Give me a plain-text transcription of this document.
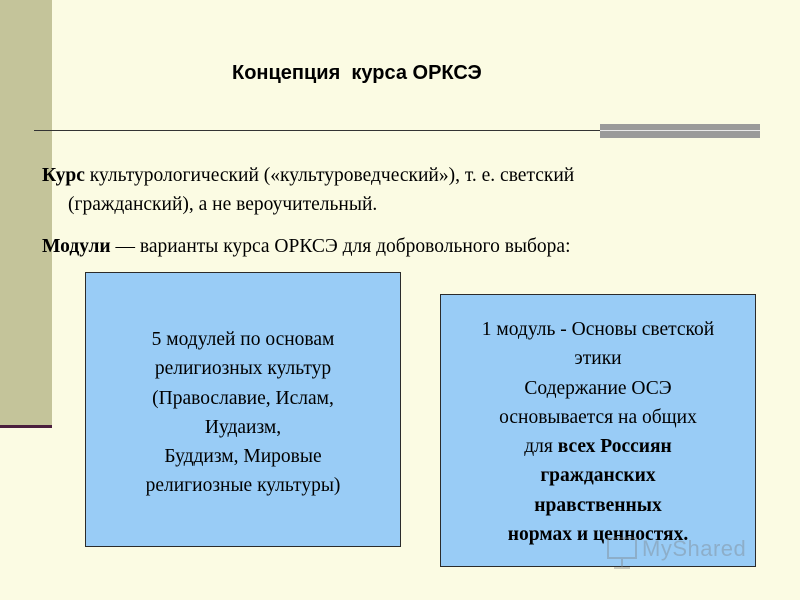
Концепция  курса ОРКСЭ
Курс культурологический («культуроведческий»), т. е. светский
(гражданский), а не вероучительный.
Модули — варианты курса ОРКСЭ для добровольного выбора:
5 модулей по основам
религиозных культур
(Православие, Ислам,
Иудаизм,
Буддизм, Мировые
религиозные культуры)
1 модуль - Основы светской
этики
Содержание ОСЭ
основывается на общих
для всех Россиян
гражданских
нравственных
нормах и ценностях.
MyShared
